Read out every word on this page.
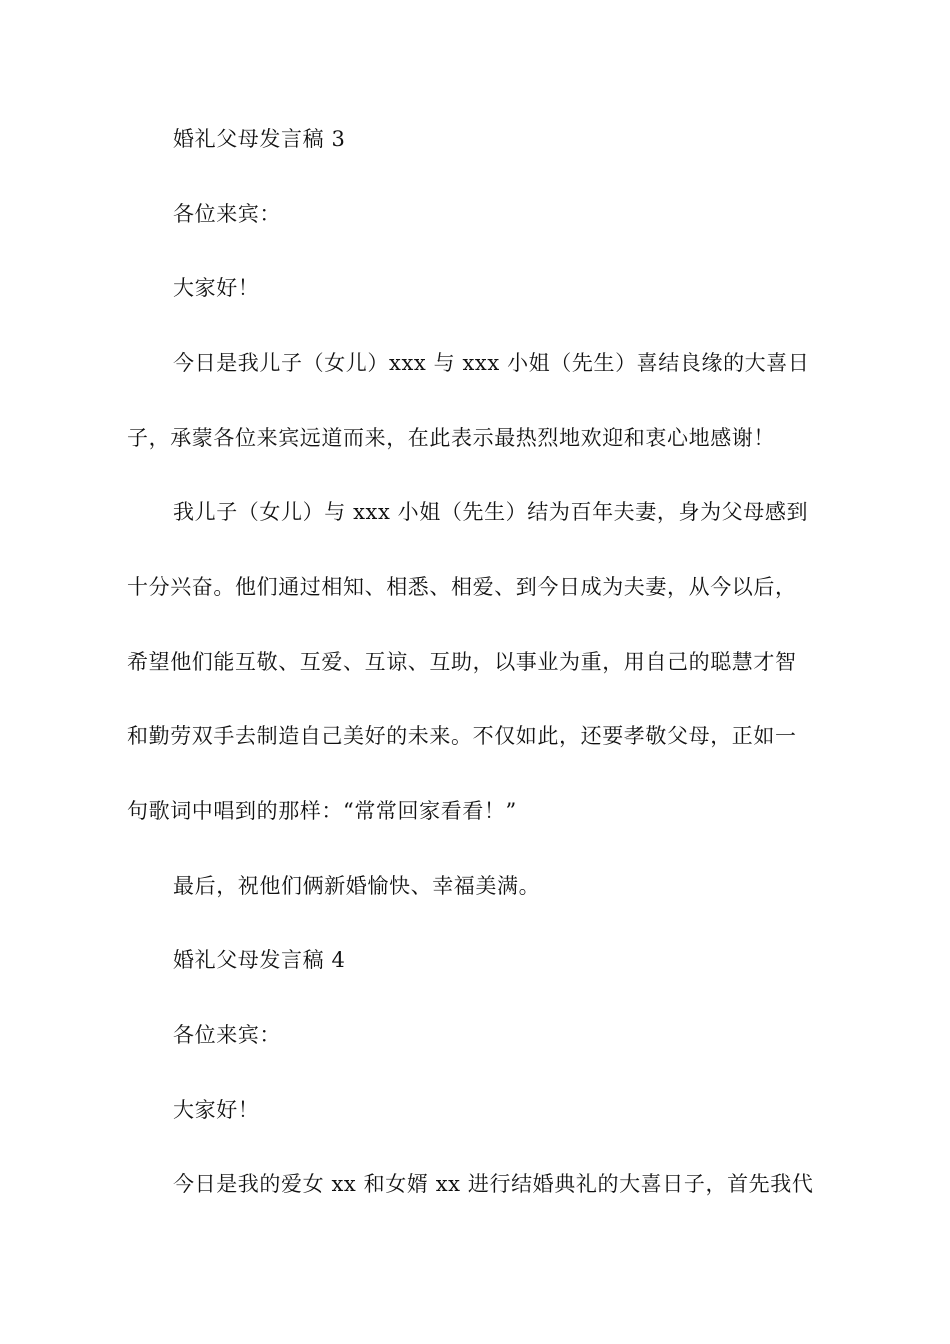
婚礼父母发言稿 3
各位来宾：
大家好！
今日是我儿子（女儿）xxx 与 xxx 小姐（先生）喜结良缘的大喜日
子，承蒙各位来宾远道而来，在此表示最热烈地欢迎和衷心地感谢！
我儿子（女儿）与 xxx 小姐（先生）结为百年夫妻，身为父母感到
十分兴奋。他们通过相知、相悉、相爱、到今日成为夫妻，从今以后，
希望他们能互敬、互爱、互谅、互助，以事业为重，用自己的聪慧才智
和勤劳双手去制造自己美好的未来。不仅如此，还要孝敬父母，正如一
句歌词中唱到的那样：“常常回家看看！”
最后，祝他们俩新婚愉快、幸福美满。
婚礼父母发言稿 4
各位来宾：
大家好！
今日是我的爱女 xx 和女婿 xx 进行结婚典礼的大喜日子，首先我代
